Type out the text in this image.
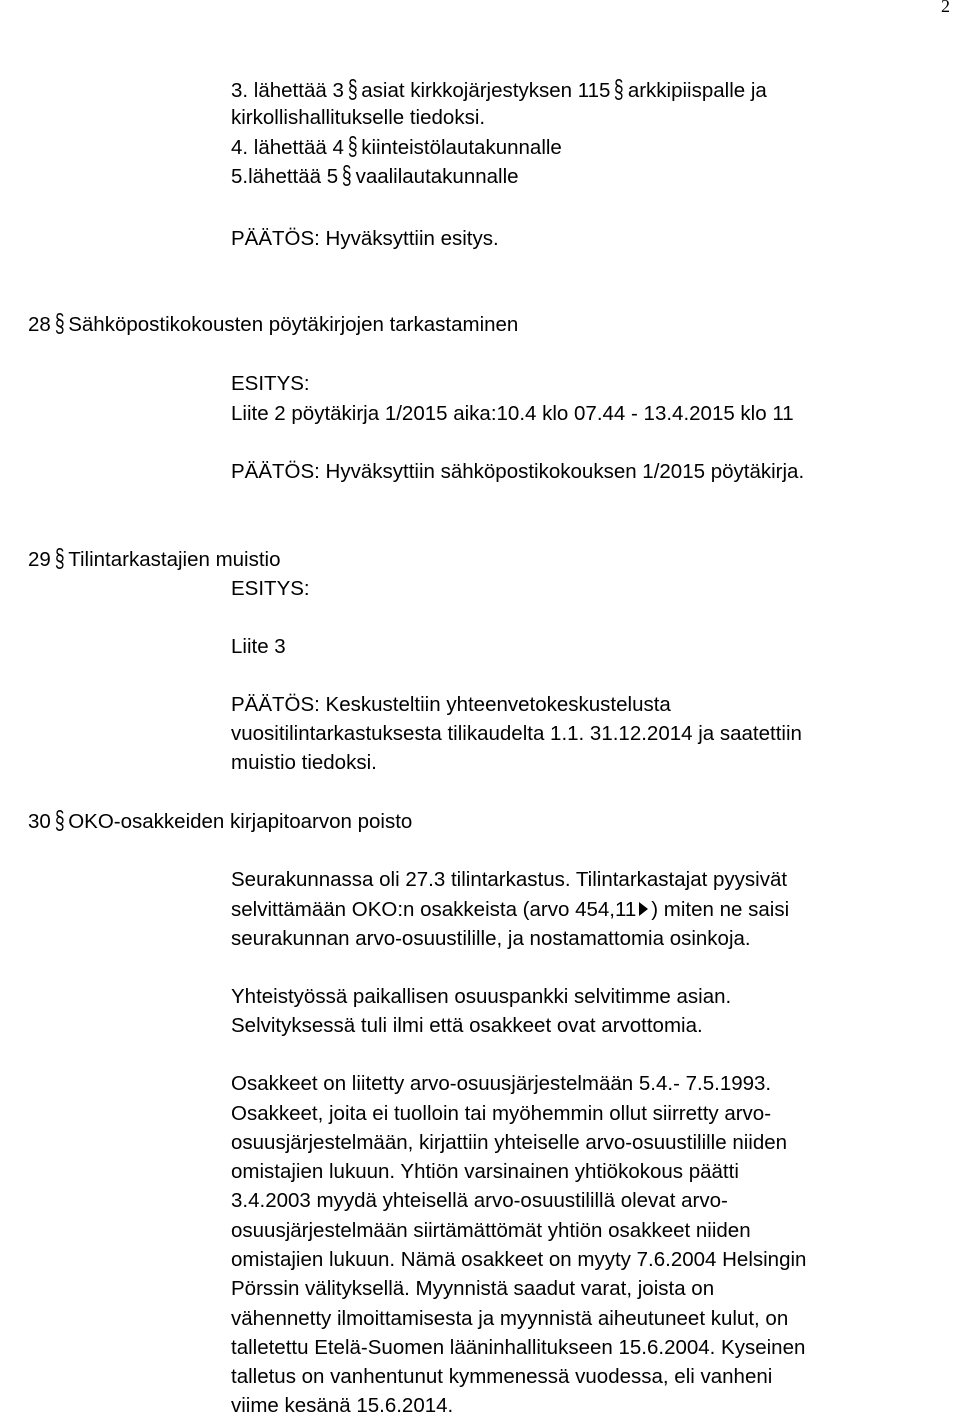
2
3. lähettää 3 § asiat kirkkojärjestyksen 115 § arkkipiispalle ja
kirkollishallitukselle tiedoksi.
4. lähettää 4 § kiinteistölautakunnalle
5.lähettää 5 § vaalilautakunnalle
PÄÄTÖS: Hyväksyttiin esitys.
28 § Sähköpostikokousten pöytäkirjojen tarkastaminen
ESITYS:
Liite 2 pöytäkirja 1/2015 aika:10.4 klo 07.44 - 13.4.2015 klo 11
PÄÄTÖS: Hyväksyttiin sähköpostikokouksen 1/2015 pöytäkirja.
29 § Tilintarkastajien muistio
ESITYS:
Liite 3
PÄÄTÖS: Keskusteltiin yhteenvetokeskustelusta
vuositilintarkastuksesta tilikaudelta 1.1. 31.12.2014 ja saatettiin
muistio tiedoksi.
30 § OKO-osakkeiden kirjapitoarvon poisto
Seurakunnassa oli 27.3 tilintarkastus. Tilintarkastajat pyysivät
selvittämään OKO:n osakkeista (arvo 454,11 ) miten ne saisi
seurakunnan arvo-osuustilille, ja nostamattomia osinkoja.
Yhteistyössä paikallisen osuuspankki selvitimme asian.
Selvityksessä tuli ilmi että osakkeet ovat arvottomia.
Osakkeet on liitetty arvo-osuusjärjestelmään 5.4.- 7.5.1993.
Osakkeet, joita ei tuolloin tai myöhemmin ollut siirretty arvo-
osuusjärjestelmään, kirjattiin yhteiselle arvo-osuustilille niiden
omistajien lukuun. Yhtiön varsinainen yhtiökokous päätti
3.4.2003 myydä yhteisellä arvo-osuustilillä olevat arvo-
osuusjärjestelmään siirtämättömät yhtiön osakkeet niiden
omistajien lukuun. Nämä osakkeet on myyty 7.6.2004 Helsingin
Pörssin välityksellä. Myynnistä saadut varat, joista on
vähennetty ilmoittamisesta ja myynnistä aiheutuneet kulut, on
talletettu Etelä-Suomen lääninhallitukseen 15.6.2004. Kyseinen
talletus on vanhentunut kymmenessä vuodessa, eli vanheni
viime kesänä 15.6.2014.
